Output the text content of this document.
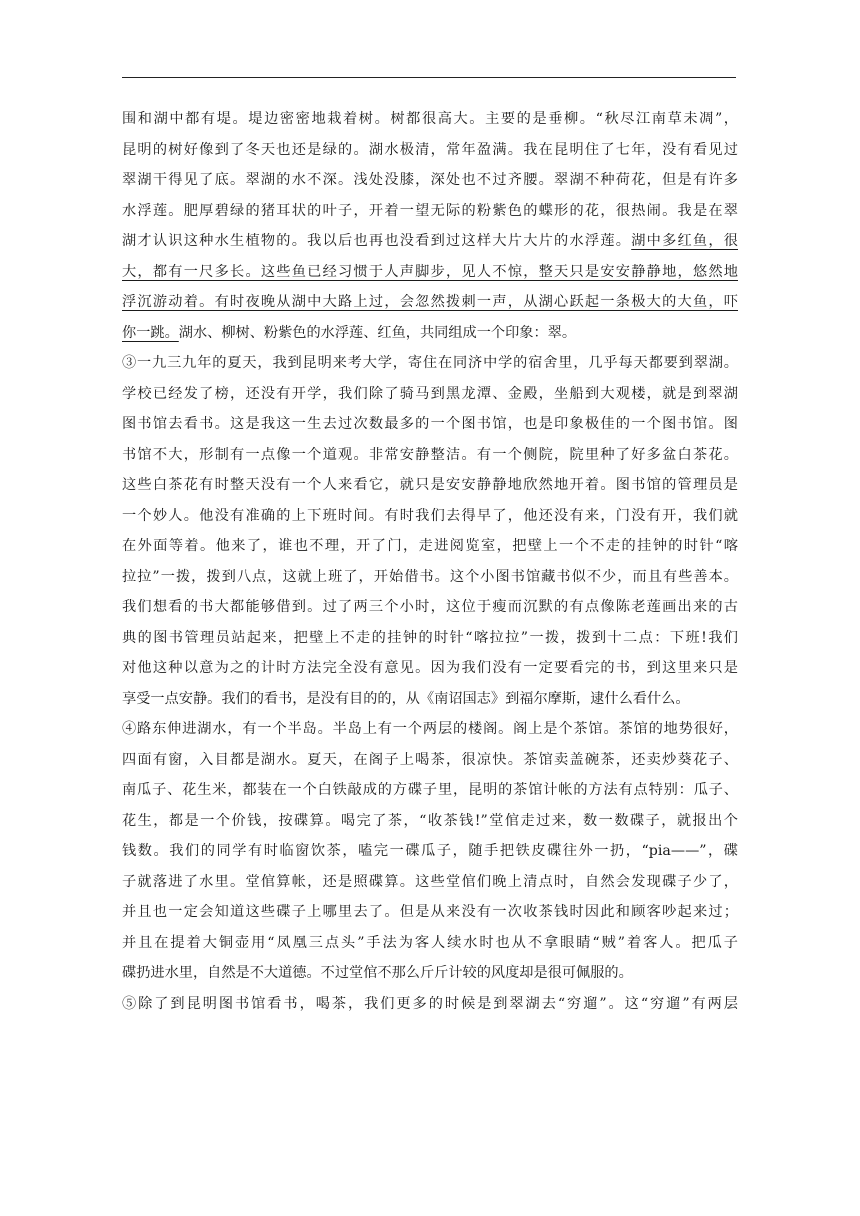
围和湖中都有堤。堤边密密地栽着树。树都很高大。主要的是垂柳。“秋尽江南草未凋”，
昆明的树好像到了冬天也还是绿的。湖水极清，常年盈满。我在昆明住了七年，没有看见过
翠湖干得见了底。翠湖的水不深。浅处没膝，深处也不过齐腰。翠湖不种荷花，但是有许多
水浮莲。肥厚碧绿的猪耳状的叶子，开着一望无际的粉紫色的蝶形的花，很热闹。我是在翠
湖才认识这种水生植物的。我以后也再也没看到过这样大片大片的水浮莲。湖中多红鱼，很
大，都有一尺多长。这些鱼已经习惯于人声脚步，见人不惊，整天只是安安静静地，悠然地
浮沉游动着。有时夜晚从湖中大路上过，会忽然拨刺一声，从湖心跃起一条极大的大鱼，吓
你一跳。湖水、柳树、粉紫色的水浮莲、红鱼，共同组成一个印象：翠。
③一九三九年的夏天，我到昆明来考大学，寄住在同济中学的宿舍里，几乎每天都要到翠湖。
学校已经发了榜，还没有开学，我们除了骑马到黑龙潭、金殿，坐船到大观楼，就是到翠湖
图书馆去看书。这是我这一生去过次数最多的一个图书馆，也是印象极佳的一个图书馆。图
书馆不大，形制有一点像一个道观。非常安静整洁。有一个侧院，院里种了好多盆白茶花。
这些白茶花有时整天没有一个人来看它，就只是安安静静地欣然地开着。图书馆的管理员是
一个妙人。他没有准确的上下班时间。有时我们去得早了，他还没有来，门没有开，我们就
在外面等着。他来了，谁也不理，开了门，走进阅览室，把壁上一个不走的挂钟的时针“喀
拉拉”一拨，拨到八点，这就上班了，开始借书。这个小图书馆藏书似不少，而且有些善本。
我们想看的书大都能够借到。过了两三个小时，这位于瘦而沉默的有点像陈老莲画出来的古
典的图书管理员站起来，把壁上不走的挂钟的时针“喀拉拉”一拨，拨到十二点：下班!我们
对他这种以意为之的计时方法完全没有意见。因为我们没有一定要看完的书，到这里来只是
享受一点安静。我们的看书，是没有目的的，从《南诏国志》到福尔摩斯，逮什么看什么。
④路东伸进湖水，有一个半岛。半岛上有一个两层的楼阁。阁上是个茶馆。茶馆的地势很好，
四面有窗，入目都是湖水。夏天，在阁子上喝茶，很凉快。茶馆卖盖碗茶，还卖炒葵花子、
南瓜子、花生米，都装在一个白铁敲成的方碟子里，昆明的茶馆计帐的方法有点特别：瓜子、
花生，都是一个价钱，按碟算。喝完了茶，“收茶钱!”堂倌走过来，数一数碟子，就报出个
钱数。我们的同学有时临窗饮茶，嗑完一碟瓜子，随手把铁皮碟往外一扔，“pia——”，碟
子就落进了水里。堂倌算帐，还是照碟算。这些堂倌们晚上清点时，自然会发现碟子少了，
并且也一定会知道这些碟子上哪里去了。但是从来没有一次收茶钱时因此和顾客吵起来过；
并且在提着大铜壶用“凤凰三点头”手法为客人续水时也从不拿眼睛“贼”着客人。把瓜子
碟扔进水里，自然是不大道德。不过堂倌不那么斤斤计较的风度却是很可佩服的。
⑤除了到昆明图书馆看书，喝茶，我们更多的时候是到翠湖去“穷遛”。这“穷遛”有两层
